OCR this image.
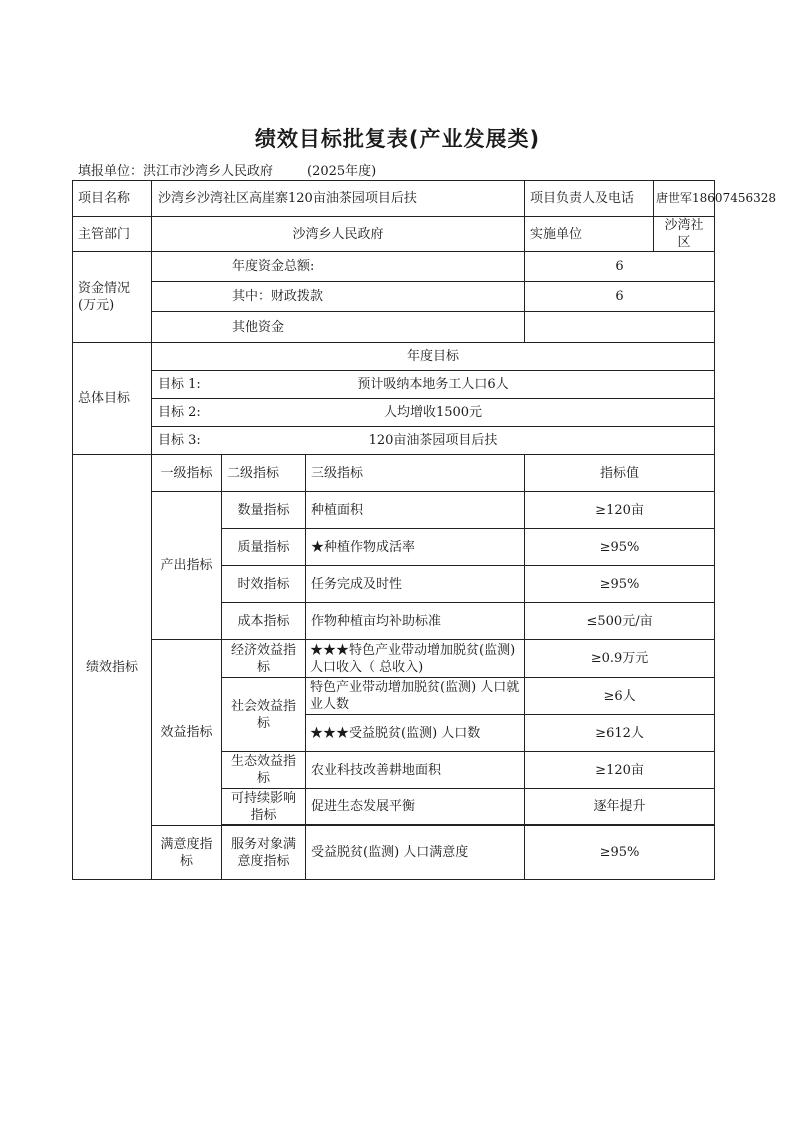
绩效目标批复表(产业发展类)
填报单位：洪江市沙湾乡人民政府	(2025年度)
项目名称	沙湾乡沙湾社区高崖寨120亩油茶园项目后扶			项目负责人及电话	唐世军18607456328
主管部门	沙湾乡人民政府			实施单位	沙湾社区
资金情况(万元)	年度资金总额:			6	
	其中：财政拨款			6	
	其他资金				
总体目标	年度目标				

	目标 1: 预计吸纳本地务工人口6人				

	目标 2: 人均增收1500元				

	目标 3: 120亩油茶园项目后扶				

绩效指标	一级指标	二级指标	三级指标	指标值	
	产出指标	数量指标	种植面积	≥120亩	
		质量指标	★种植作物成活率	≥95%	
		时效指标	任务完成及时性	≥95%	
		成本指标	作物种植亩均补助标准	≤500元/亩	
	效益指标	经济效益指标	★★★特色产业带动增加脱贫(监测)人口收入（ 总收入)	≥0.9万元	
		社会效益指标	特色产业带动增加脱贫(监测) 人口就业人数	≥6人	
			★★★受益脱贫(监测) 人口数	≥612人	
		生态效益指标	农业科技改善耕地面积	≥120亩	
		可持续影响指标	促进生态发展平衡	逐年提升	

	满意度指标	服务对象满意度指标	受益脱贫(监测) 人口满意度	≥95%	
